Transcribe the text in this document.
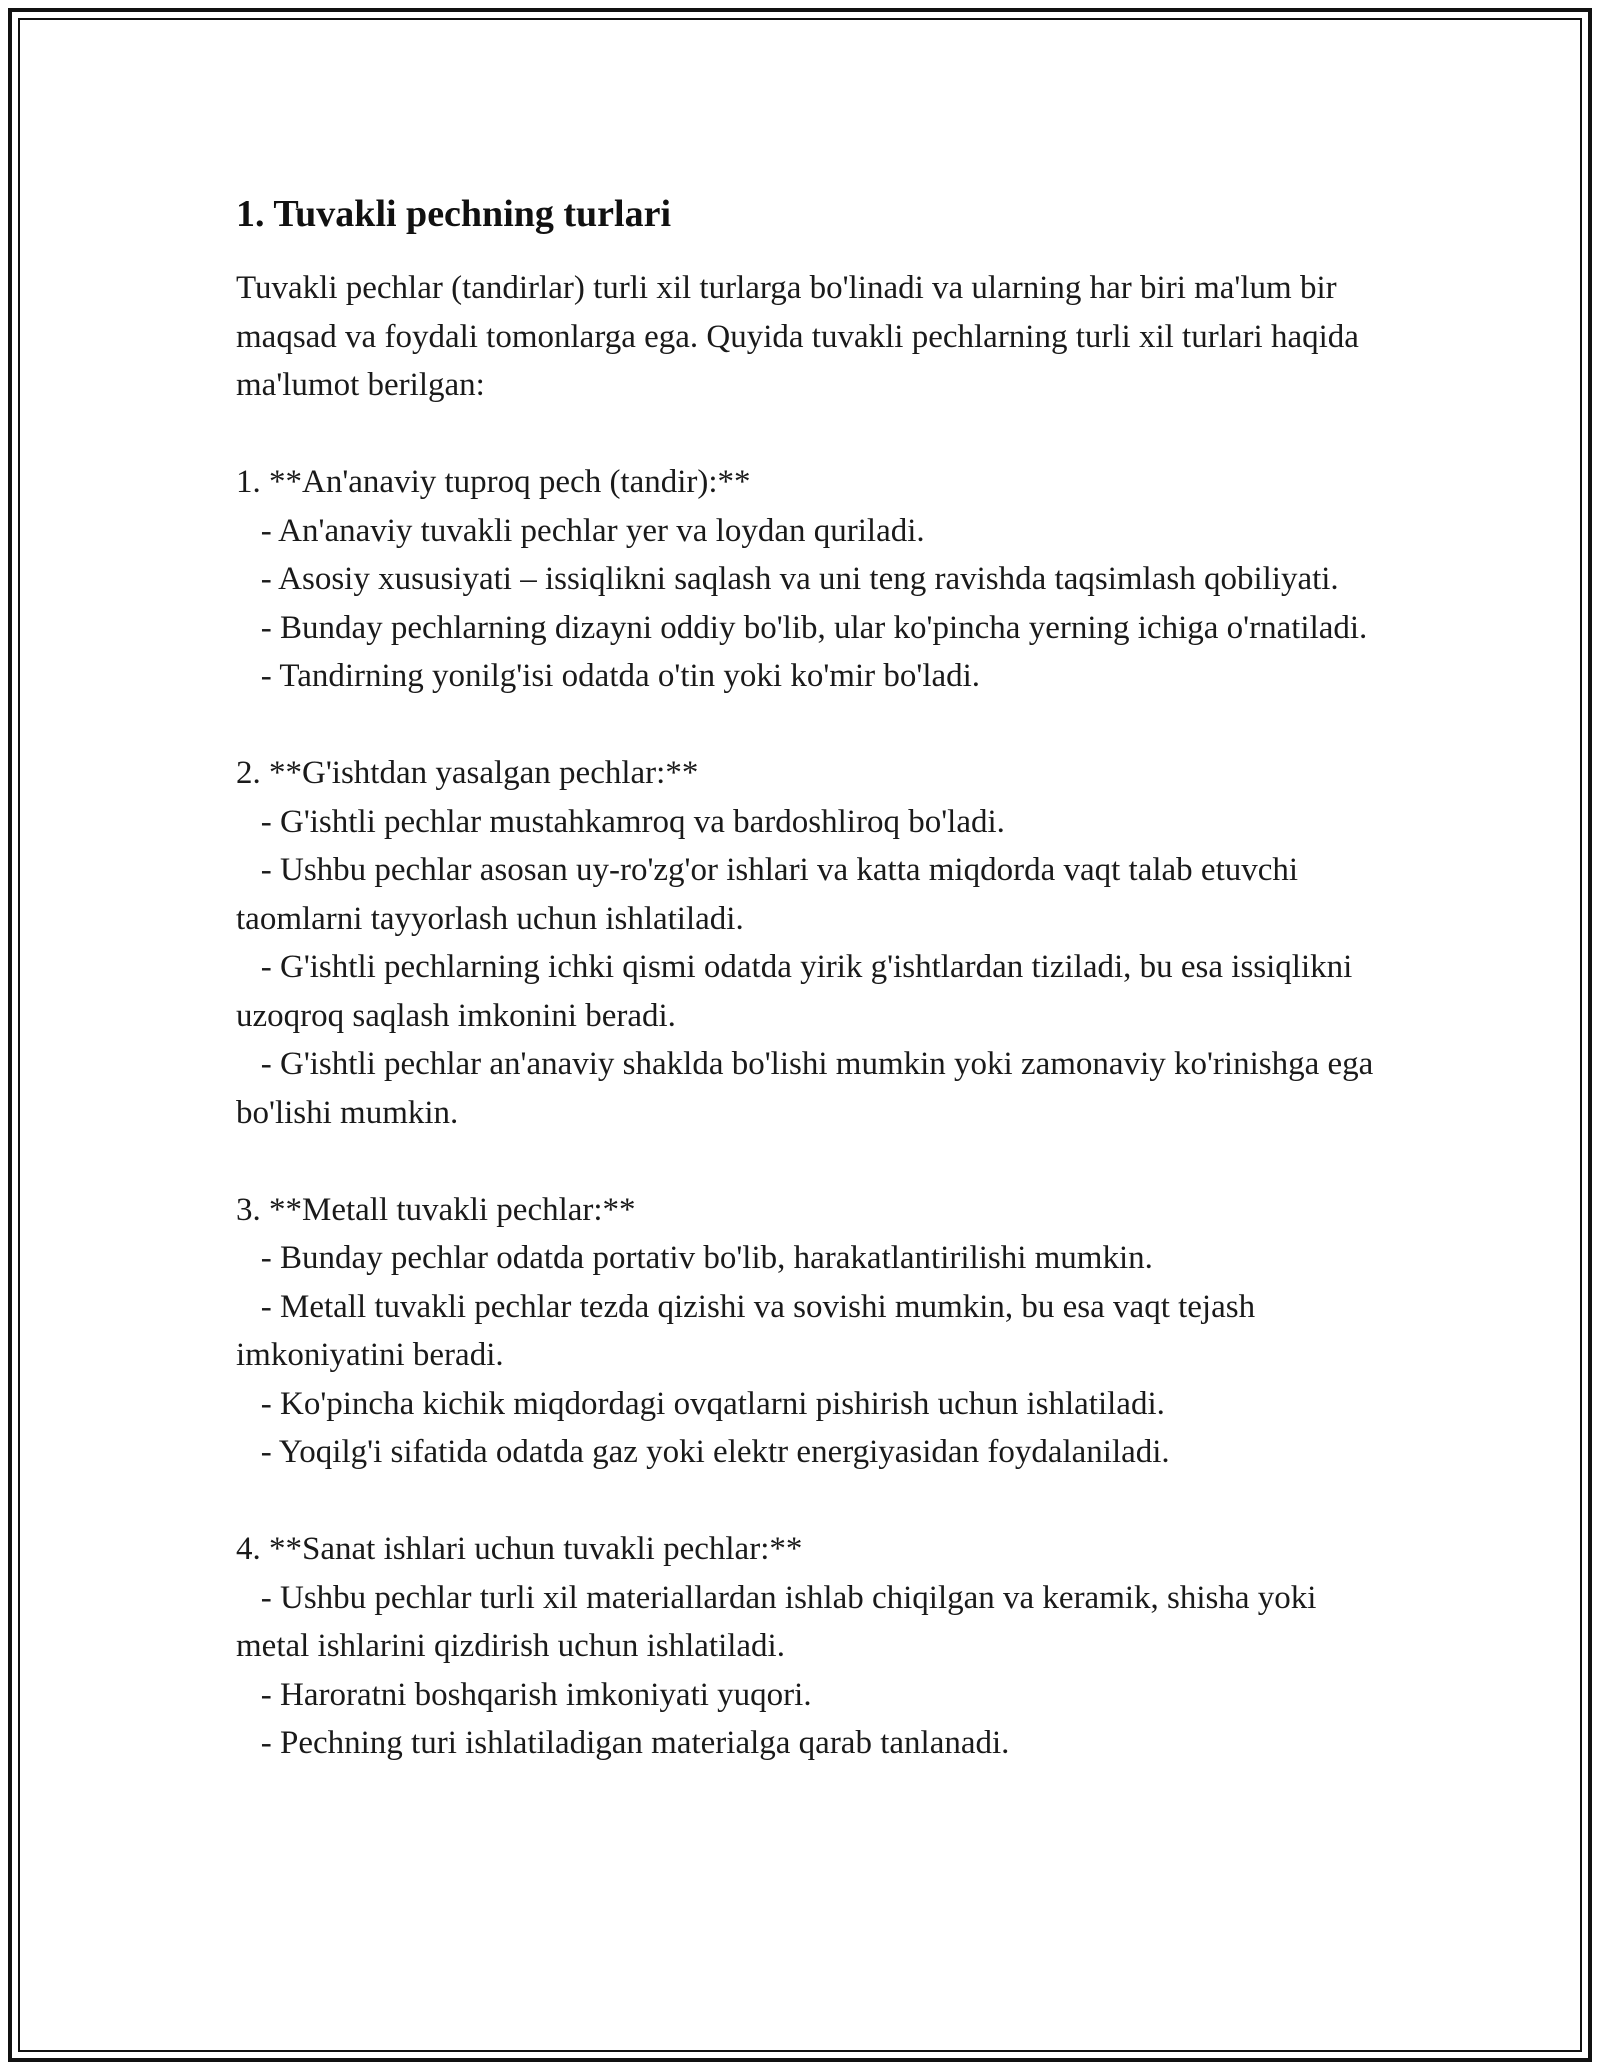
1. Tuvakli pechning turlari

Tuvakli pechlar (tandirlar) turli xil turlarga bo'linadi va ularning har biri ma'lum bir maqsad va foydali tomonlarga ega. Quyida tuvakli pechlarning turli xil turlari haqida ma'lumot berilgan:

1. **An'anaviy tuproq pech (tandir):**

- An'anaviy tuvakli pechlar yer va loydan quriladi.

- Asosiy xususiyati – issiqlikni saqlash va uni teng ravishda taqsimlash qobiliyati.

- Bunday pechlarning dizayni oddiy bo'lib, ular ko'pincha yerning ichiga o'rnatiladi.

- Tandirning yonilg'isi odatda o'tin yoki ko'mir bo'ladi.

2. **G'ishtdan yasalgan pechlar:**

- G'ishtli pechlar mustahkamroq va bardoshliroq bo'ladi.

- Ushbu pechlar asosan uy-ro'zg'or ishlari va katta miqdorda vaqt talab etuvchi taomlarni tayyorlash uchun ishlatiladi.

- G'ishtli pechlarning ichki qismi odatda yirik g'ishtlardan tiziladi, bu esa issiqlikni uzoqroq saqlash imkonini beradi.

- G'ishtli pechlar an'anaviy shaklda bo'lishi mumkin yoki zamonaviy ko'rinishga ega bo'lishi mumkin.

3. **Metall tuvakli pechlar:**

- Bunday pechlar odatda portativ bo'lib, harakatlantirilishi mumkin.

- Metall tuvakli pechlar tezda qizishi va sovishi mumkin, bu esa vaqt tejash imkoniyatini beradi.

- Ko'pincha kichik miqdordagi ovqatlarni pishirish uchun ishlatiladi.

- Yoqilg'i sifatida odatda gaz yoki elektr energiyasidan foydalaniladi.

4. **Sanat ishlari uchun tuvakli pechlar:**

- Ushbu pechlar turli xil materiallardan ishlab chiqilgan va keramik, shisha yoki metal ishlarini qizdirish uchun ishlatiladi.

- Haroratni boshqarish imkoniyati yuqori.

- Pechning turi ishlatiladigan materialga qarab tanlanadi.
